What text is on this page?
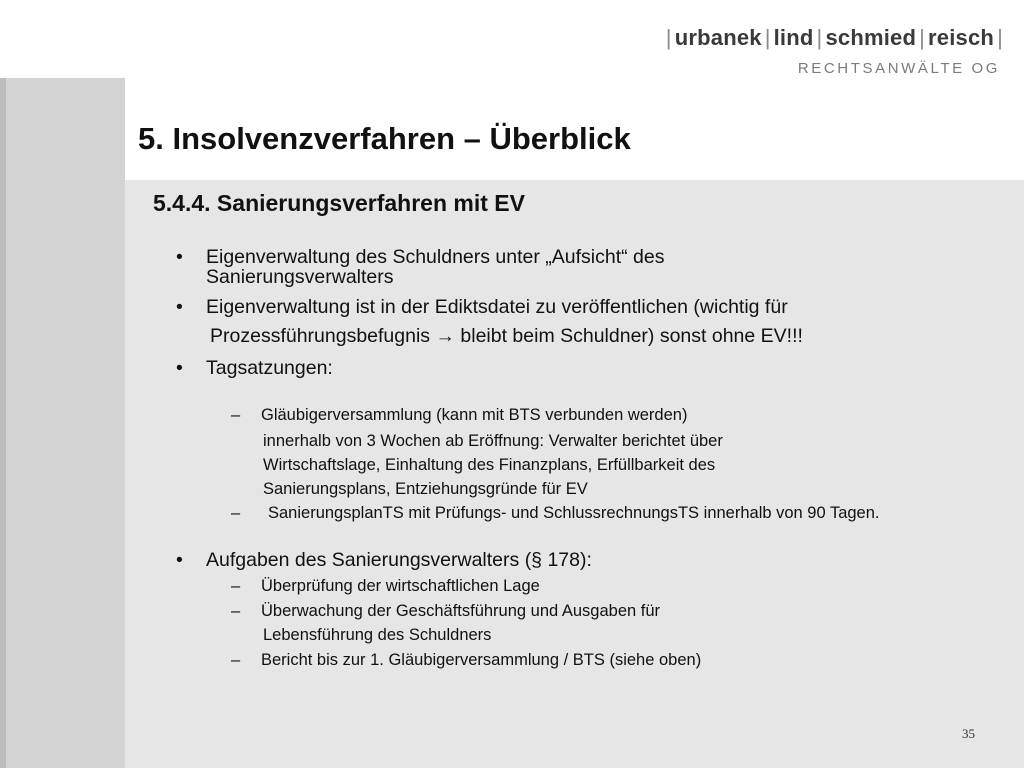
| urbanek | lind | schmied | reisch |
RECHTSANWÄLTE OG
5. Insolvenzverfahren – Überblick
5.4.4. Sanierungsverfahren mit EV
• Eigenverwaltung des Schuldners unter „Aufsicht“ des
Sanierungsverwalters
• Eigenverwaltung ist in der Ediktsdatei zu veröffentlichen (wichtig für
Prozessführungsbefugnis → bleibt beim Schuldner) sonst ohne EV!!!
• Tagsatzungen:
– Gläubigerversammlung (kann mit BTS verbunden werden)
innerhalb von 3 Wochen ab Eröffnung: Verwalter berichtet über
Wirtschaftslage, Einhaltung des Finanzplans, Erfüllbarkeit des
Sanierungsplans, Entziehungsgründe für EV
– SanierungsplanTS mit Prüfungs- und SchlussrechnungsTS innerhalb von 90 Tagen.
• Aufgaben des Sanierungsverwalters (§ 178):
– Überprüfung der wirtschaftlichen Lage
– Überwachung der Geschäftsführung und Ausgaben für
Lebensführung des Schuldners
– Bericht bis zur 1. Gläubigerversammlung / BTS (siehe oben)
35
